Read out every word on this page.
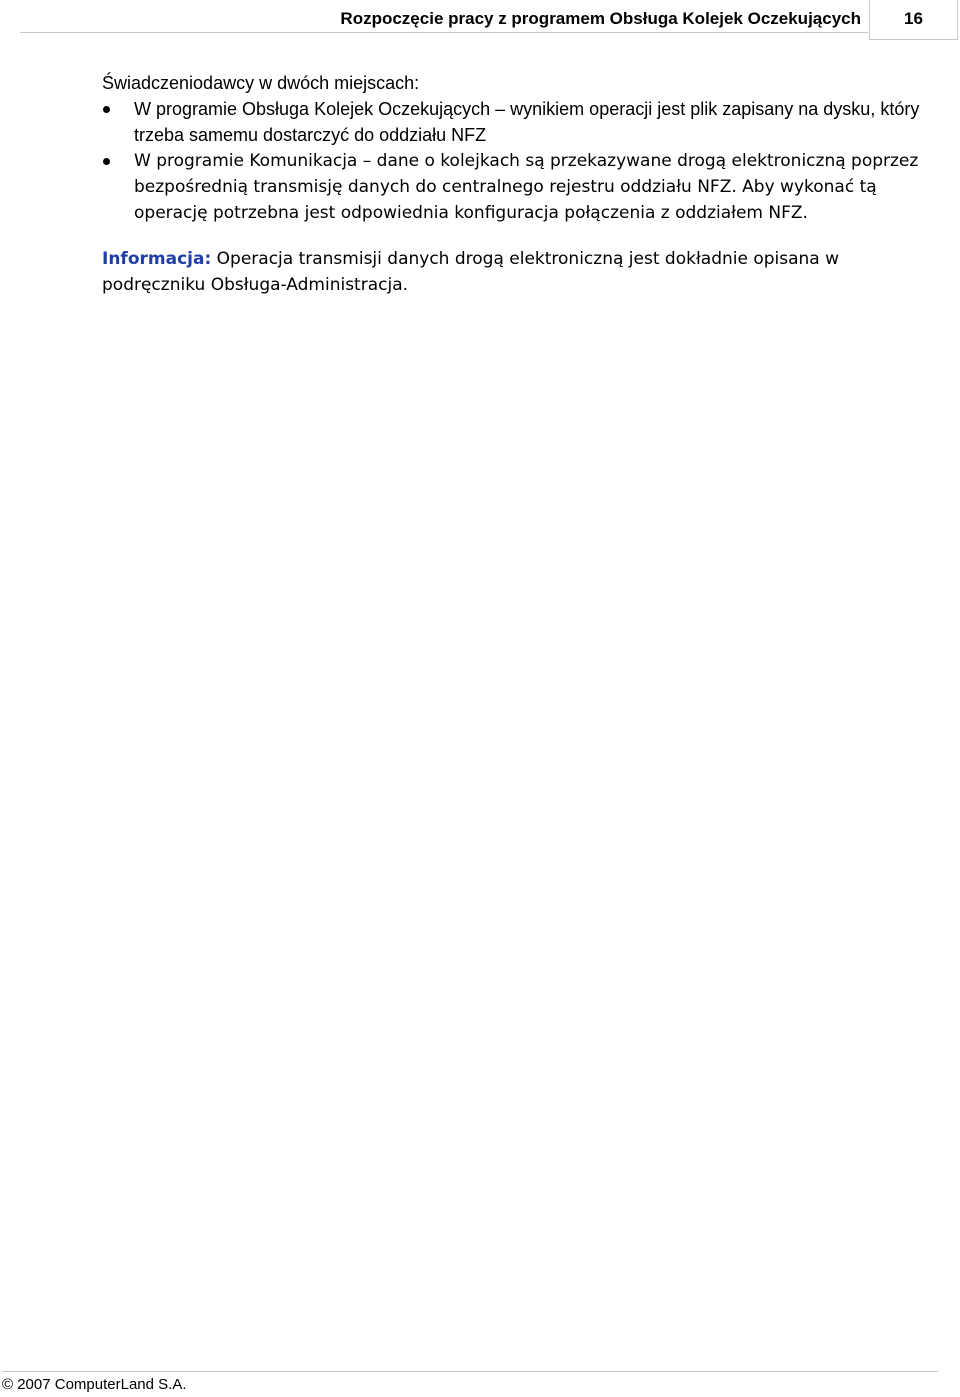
Rozpoczęcie pracy z programem Obsługa Kolejek Oczekujących	16

Świadczeniodawcy w dwóch miejscach:

W programie Obsługa Kolejek Oczekujących – wynikiem operacji jest plik zapisany na dysku, który trzeba samemu dostarczyć do oddziału NFZ
W programie Komunikacja – dane o kolejkach są przekazywane drogą elektroniczną poprzez bezpośrednią transmisję danych do centralnego rejestru oddziału NFZ. Aby wykonać tą operację potrzebna jest odpowiednia konfiguracja połączenia z oddziałem NFZ.

Informacja: Operacja transmisji danych drogą elektroniczną jest dokładnie opisana w podręczniku Obsługa-Administracja.

© 2007 ComputerLand S.A.
